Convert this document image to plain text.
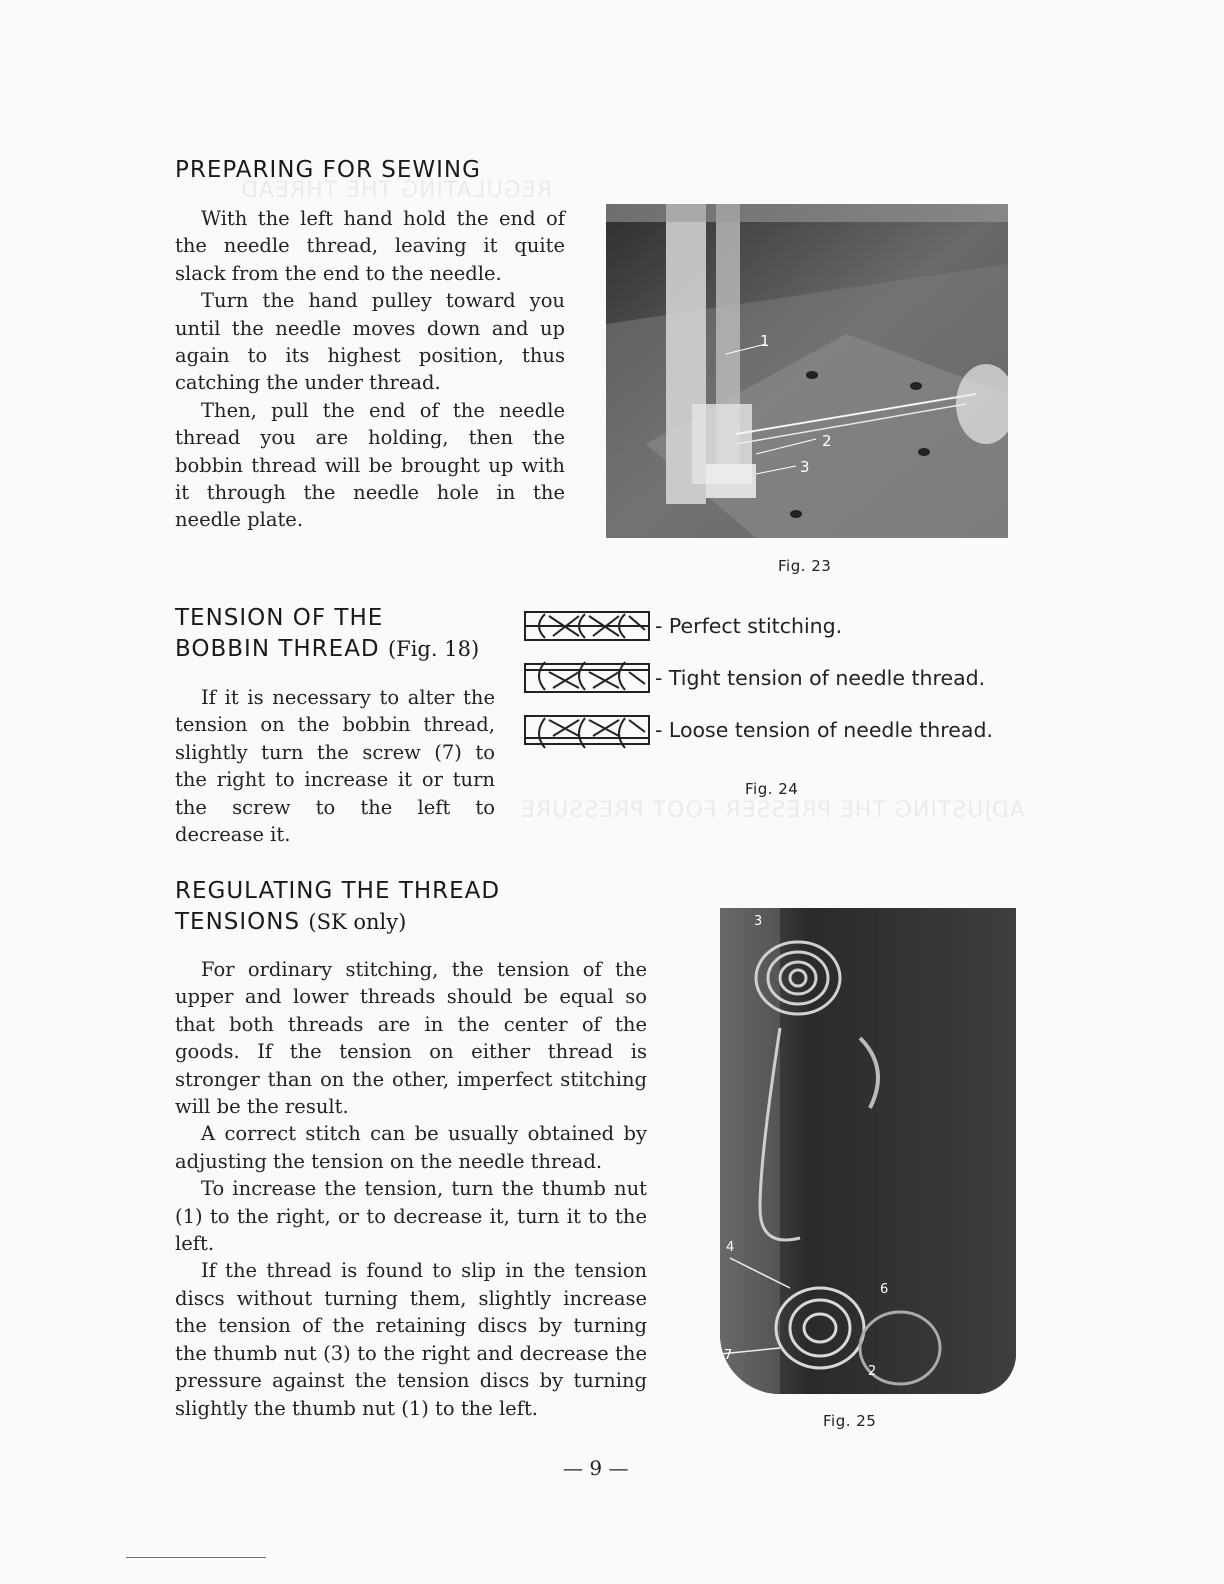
REGULATING THE THREAD
ADJUSTING THE PRESSER FOOT PRESSURE
PREPARING FOR SEWING

With the left hand hold the end of the needle thread, leaving it quite slack from the end to the needle.

Turn the hand pulley toward you until the needle moves down and up again to its highest position, thus catching the under thread.

Then, pull the end of the needle thread you are holding, then the bobbin thread will be brought up with it through the needle hole in the needle plate.

1
2
3
Fig. 23
TENSION OF THE
BOBBIN THREAD (Fig. 18)

If it is necessary to alter the tension on the bobbin thread, slightly turn the screw (7) to the right to increase it or turn the screw to the left to decrease it.

- Perfect stitching.
- Tight tension of needle thread.
- Loose tension of needle thread.
Fig. 24
REGULATING THE THREAD
TENSIONS (SK only)

For ordinary stitching, the tension of the upper and lower threads should be equal so that both threads are in the center of the goods. If the tension on either thread is stronger than on the other, imperfect stitching will be the result.

A correct stitch can be usually obtained by adjusting the tension on the needle thread.

To increase the tension, turn the thumb nut (1) to the right, or to decrease it, turn it to the left.

If the thread is found to slip in the tension discs without turning them, slightly increase the tension of the retaining discs by turning the thumb nut (3) to the right and decrease the pressure against the tension discs by turning slightly the thumb nut (1) to the left.

3
4
6
7
2
Fig. 25
— 9 —
